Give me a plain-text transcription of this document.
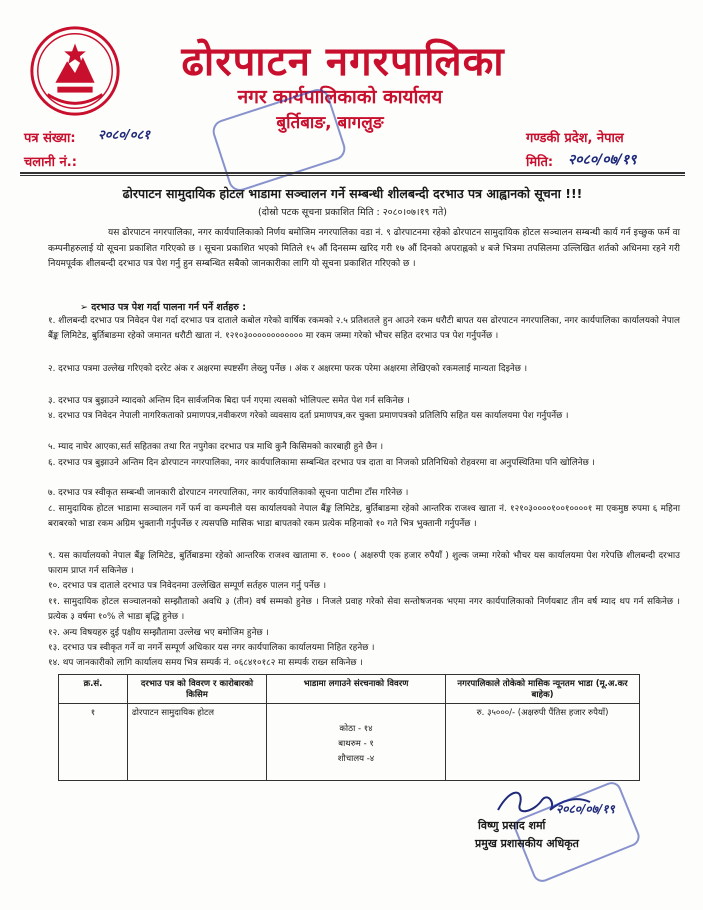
ढोरपाटन नगरपालिका
नगर कार्यपालिकाको कार्यालय
बुर्तिबाङ, बागलुङ
पत्र संख्या: २०८०/०८१
चलानी नं.:
गण्डकी प्रदेश, नेपाल
मिति: २०८०/०७/१९
ढोरपाटन सामुदायिक होटल भाडामा सञ्चालन गर्ने सम्बन्धी शीलबन्दी दरभाउ पत्र आह्वानको सूचना !!!
(दोस्रो पटक सूचना प्रकाशित मिति : २०८०।०७।१९ गते)
यस ढोरपाटन नगरपालिका, नगर कार्यपालिकाको निर्णय बमोजिम नगरपालिका वडा नं. ९ ढोरपाटनमा रहेको ढोरपाटन सामुदायिक होटल सञ्चालन सम्बन्धी कार्य गर्न इच्छुक फर्म वा कम्पनीहरुलाई यो सूचना प्रकाशित गरिएको छ । सूचना प्रकाशित भएको मितिले १५ औं दिनसम्म खरिद गरी १७ औं दिनको अपराह्नको ४ बजे भित्रमा तपसिलमा उल्लिखित शर्तको अधिनमा रहने गरी नियमपूर्वक शीलबन्दी दरभाउ पत्र पेश गर्नु हुन सम्बन्धित सबैको जानकारीका लागि यो सूचना प्रकाशित गरिएको छ ।
➢ दरभाउ पत्र पेश गर्दा पालना गर्न पर्ने शर्तहरु :
१. शीलबन्दी दरभाउ पत्र निवेदन पेश गर्दा दरभाउ पत्र दाताले कबोल गरेको वार्षिक रकमको २.५ प्रतिशतले हुन आउने रकम धरौटी बापत यस ढोरपाटन नगरपालिका, नगर कार्यपालिका कार्यालयको नेपाल बैंङ्क लिमिटेड, बुर्तिबाङमा रहेको जमानत धरौटी खाता नं. १२१०३०००००००००००० मा रकम जम्मा गरेको भौचर सहित दरभाउ पत्र पेश गर्नुपर्नेछ ।
२. दरभाउ पत्रमा उल्लेख गरिएको दररेट अंक र अक्षरमा स्पष्टसँग लेख्नु पर्नेछ । अंक र अक्षरमा फरक परेमा अक्षरमा लेखिएको रकमलाई मान्यता दिइनेछ ।
३. दरभाउ पत्र बुझाउने म्यादको अन्तिम दिन सार्वजनिक बिदा पर्न गएमा त्यसको भोलिपल्ट समेत पेश गर्न सकिनेछ ।
४. दरभाउ पत्र निवेदन नेपाली नागरिकताको प्रमाणपत्र,नवीकरण गरेको व्यवसाय दर्ता प्रमाणपत्र,कर चुक्ता प्रमाणपत्रको प्रतिलिपि सहित यस कार्यालयमा पेश गर्नुपर्नेछ ।
५. म्याद नाघेर आएका,सर्त सहितका तथा रित नपुगेका दरभाउ पत्र माथि कुनै किसिमको कारबाही हुने छैन ।
६. दरभाउ पत्र बुझाउने अन्तिम दिन ढोरपाटन नगरपालिका, नगर कार्यपालिकामा सम्बन्धित दरभाउ पत्र दाता वा निजको प्रतिनिधिको रोहवरमा वा अनुपस्थितिमा पनि खोलिनेछ ।
७. दरभाउ पत्र स्वीकृत सम्बन्धी जानकारी ढोरपाटन नगरपालिका, नगर कार्यपालिकाको सूचना पाटीमा टाँस गरिनेछ ।
८. सामुदायिक होटल भाडामा सञ्चालन गर्ने फर्म वा कम्पनीले यस कार्यालयको नेपाल बैंङ्क लिमिटेड, बुर्तिबाङमा रहेको आन्तरिक राजश्व खाता नं. १२१०३००००१००१००००१ मा एकमुष्ठ रुपमा ६ महिना बराबरको भाडा रकम अग्रिम भुक्तानी गर्नुपर्नेछ र त्यसपछि मासिक भाडा बापतको रकम प्रत्येक महिनाको १० गते भित्र भुक्तानी गर्नुपर्नेछ ।
९. यस कार्यालयको नेपाल बैंङ्क लिमिटेड, बुर्तिबाङमा रहेको आन्तरिक राजश्व खातामा रु. १००० ( अक्षरुपी एक हजार रुपैयाँ ) शुल्क जम्मा गरेको भौचर यस कार्यालयमा पेश गरेपछि शीलबन्दी दरभाउ फाराम प्राप्त गर्न सकिनेछ ।
१०. दरभाउ पत्र दाताले दरभाउ पत्र निवेदनमा उल्लेखित सम्पूर्ण सर्तहरु पालन गर्नु पर्नेछ ।
११. सामुदायिक होटल सञ्चालनको सम्झौताको अवधि ३ (तीन) वर्ष सम्मको हुनेछ । निजले प्रवाह गरेको सेवा सन्तोषजनक भएमा नगर कार्यपालिकाको निर्णयबाट तीन वर्ष म्याद थप गर्न सकिनेछ । प्रत्येक ३ वर्षमा १०% ले भाडा बृद्धि हुनेछ ।
१२. अन्य विषयहरु दुई पक्षीय सम्झौतामा उल्लेख भए बमोजिम हुनेछ ।
१३. दरभाउ पत्र स्वीकृत गर्ने वा नगर्ने सम्पूर्ण अधिकार यस नगर कार्यपालिका कार्यालयमा निहित रहनेछ ।
१४. थप जानकारीको लागि कार्यालय समय भित्र सम्पर्क नं. ०६८४१०१८२ मा सम्पर्क राख्न सकिनेछ ।
क्र.सं.	दरभाउ पत्र को विवरण र कारोबारको किसिम	भाडामा लगाउने संरचनाको विवरण	नगरपालिकाले तोकेको मासिक न्यूनतम भाडा (मू.अ.कर बाहेक)
१	ढोरपाटन सामुदायिक होटल	कोठा - १४
बाथरुम - १
शौचालय -४	रु. ३५०००/- (अक्षरुपी पैंतिस हजार रुपैयाँ)
२०८०/०७/१९
विष्णु प्रसाद शर्मा
प्रमुख प्रशासकीय अधिकृत
